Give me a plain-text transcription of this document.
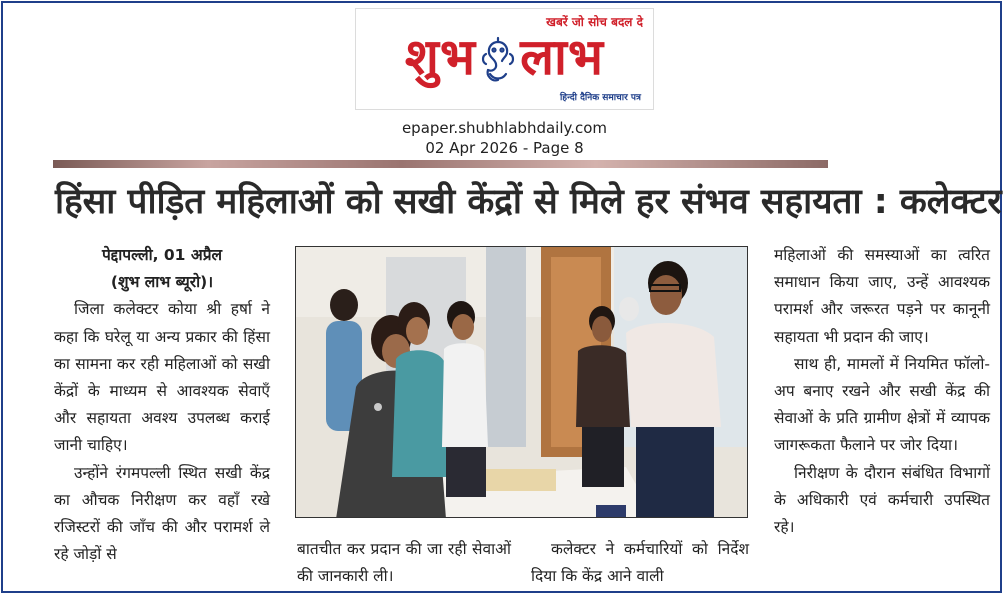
खबरें जो सोच बदल दे
शुभ लाभ
हिन्दी दैनिक समाचार पत्र
epaper.shubhlabhdaily.com
02 Apr 2026 - Page 8
हिंसा पीड़ित महिलाओं को सखी केंद्रों से मिले हर संभव सहायता : कलेक्टर

पेद्दापल्ली, 01 अप्रैल

(शुभ लाभ ब्यूरो)।

जिला कलेक्टर कोया श्री हर्षा ने कहा कि घरेलू या अन्य प्रकार की हिंसा का सामना कर रही महिलाओं को सखी केंद्रों के माध्यम से आवश्यक सेवाएँ और सहायता अवश्य उपलब्ध कराई जानी चाहिए।

उन्होंने रंगमपल्ली स्थित सखी केंद्र का औचक निरीक्षण कर वहाँ रखे रजिस्टरों की जाँच की और परामर्श ले रहे जोड़ों से	बातचीत कर प्रदान की जा रही सेवाओं की जानकारी ली।

कलेक्टर ने कर्मचारियों को निर्देश दिया कि केंद्र आने वाली

महिलाओं की समस्याओं का त्वरित समाधान किया जाए, उन्हें आवश्यक परामर्श और जरूरत पड़ने पर कानूनी सहायता भी प्रदान की जाए।

साथ ही, मामलों में नियमित फॉलो-अप बनाए रखने और सखी केंद्र की सेवाओं के प्रति ग्रामीण क्षेत्रों में व्यापक जागरूकता फैलाने पर जोर दिया।

निरीक्षण के दौरान संबंधित विभागों के अधिकारी एवं कर्मचारी उपस्थित रहे।
